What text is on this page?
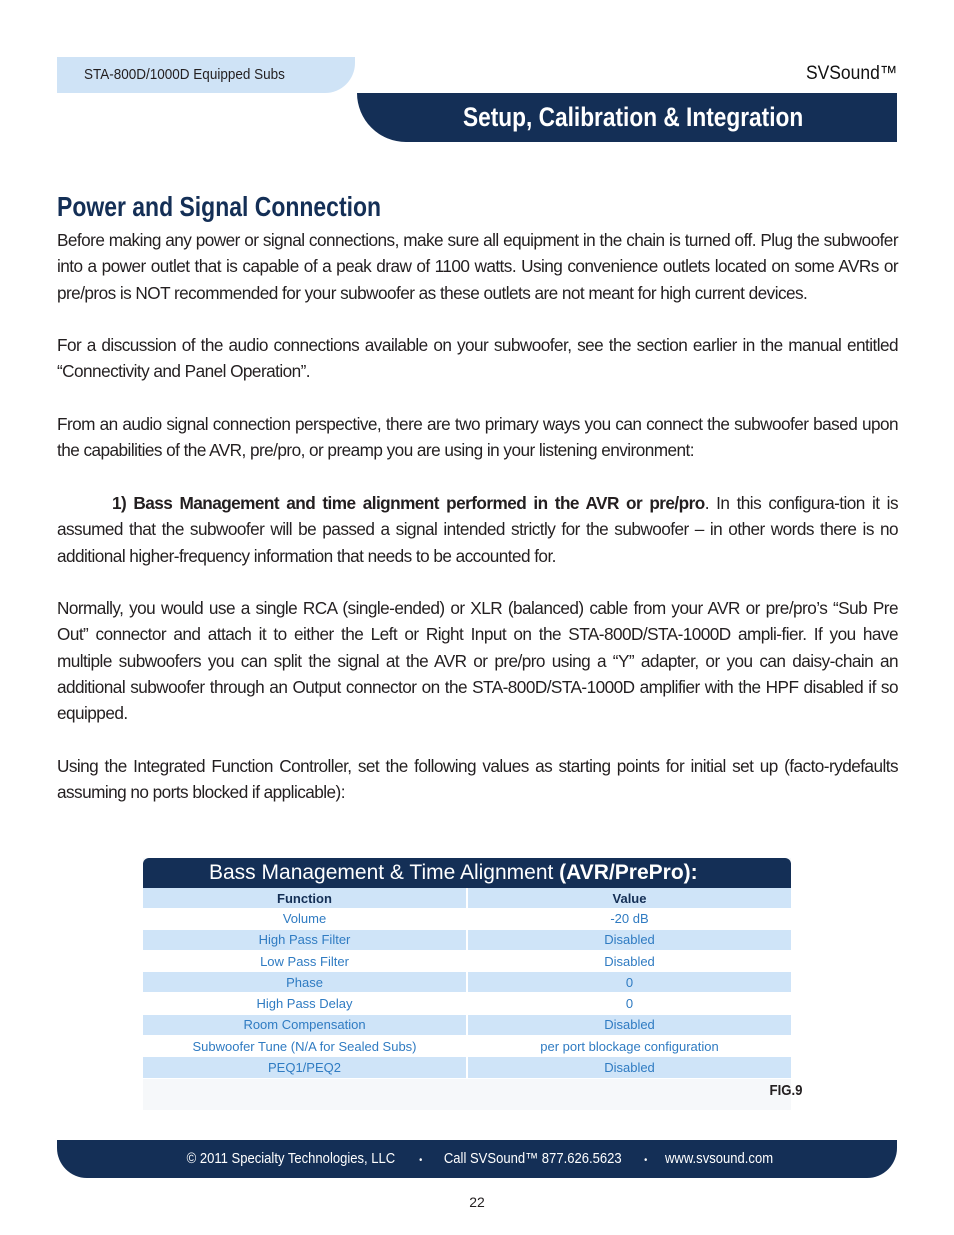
STA-800D/1000D Equipped Subs	SVSound™
Setup, Calibration & Integration
Power and Signal Connection

Before making any power or signal connections, make sure all equipment in the chain is turned off. Plug the subwoofer into a power outlet that is capable of a peak draw of 1100 watts. Using convenience outlets located on some AVRs or pre/pros is NOT recommended for your subwoofer as these outlets are not meant for high current devices.

For a discussion of the audio connections available on your subwoofer, see the section earlier in the manual entitled “Connectivity and Panel Operation”.

From an audio signal connection perspective, there are two primary ways you can connect the subwoofer based upon the capabilities of the AVR, pre/pro, or preamp you are using in your listening environment:

1) Bass Management and time alignment performed in the AVR or pre/pro. In this configura-tion it is assumed that the subwoofer will be passed a signal intended strictly for the subwoofer – in other words there is no additional higher-frequency information that needs to be accounted for.

Normally, you would use a single RCA (single-ended) or XLR (balanced) cable from your AVR or pre/pro’s “Sub Pre Out” connector and attach it to either the Left or Right Input on the STA-800D/STA-1000D ampli-fier. If you have multiple subwoofers you can split the signal at the AVR or pre/pro using a “Y” adapter, or you can daisy-chain an additional subwoofer through an Output connector on the STA-800D/STA-1000D amplifier with the HPF disabled if so equipped.

Using the Integrated Function Controller, set the following values as starting points for initial set up (facto-rydefaults assuming no ports blocked if applicable):

Bass Management & Time Alignment (AVR/PrePro):
Function	Value
Volume	-20 dB
High Pass Filter	Disabled
Low Pass Filter	Disabled
Phase	0
High Pass Delay	0
Room Compensation	Disabled
Subwoofer Tune (N/A for Sealed Subs)	per port blockage configuration
PEQ1/PEQ2	Disabled
FIG.9
© 2011 Specialty Technologies, LLC • Call SVSound™ 877.626.5623 • www.svsound.com
22
